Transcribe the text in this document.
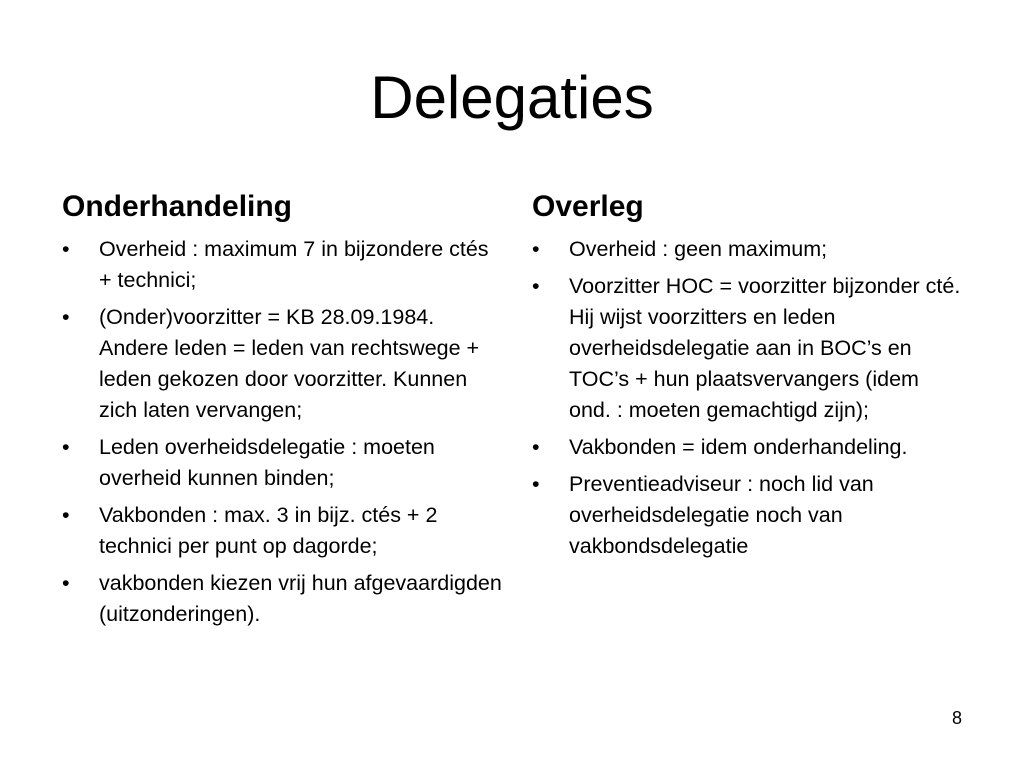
Delegaties
Onderhandeling
• Overheid : maximum 7 in bijzondere ctés + technici;
• (Onder)voorzitter = KB 28.09.1984. Andere leden = leden van rechtswege + leden gekozen door voorzitter. Kunnen zich laten vervangen;
• Leden overheidsdelegatie : moeten overheid kunnen binden;
• Vakbonden : max. 3 in bijz. ctés + 2 technici per punt op dagorde;
• vakbonden kiezen vrij hun afgevaardigden (uitzonderingen).
Overleg
• Overheid : geen maximum;
• Voorzitter HOC = voorzitter bijzonder cté. Hij wijst voorzitters en leden overheidsdelegatie aan in BOC’s en TOC’s + hun plaatsvervangers (idem ond. : moeten gemachtigd zijn);
• Vakbonden = idem onderhandeling.
• Preventieadviseur : noch lid van overheidsdelegatie noch van vakbondsdelegatie
8
